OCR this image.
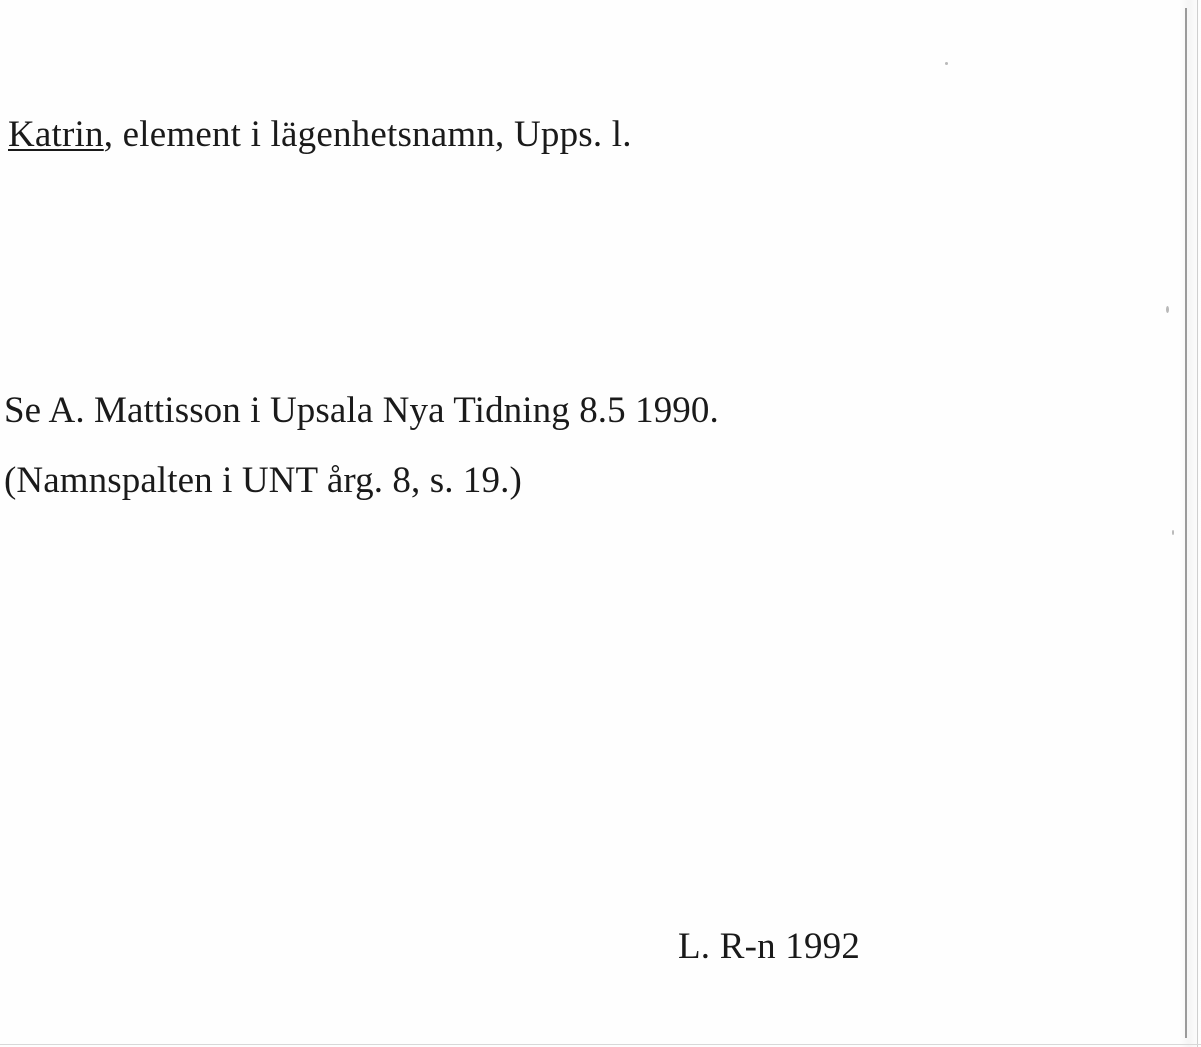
Katrin, element i lägenhetsnamn, Upps. l.
Se A. Mattisson i Upsala Nya Tidning 8.5 1990.
(Namnspalten i UNT årg. 8, s. 19.)
L. R-n 1992
